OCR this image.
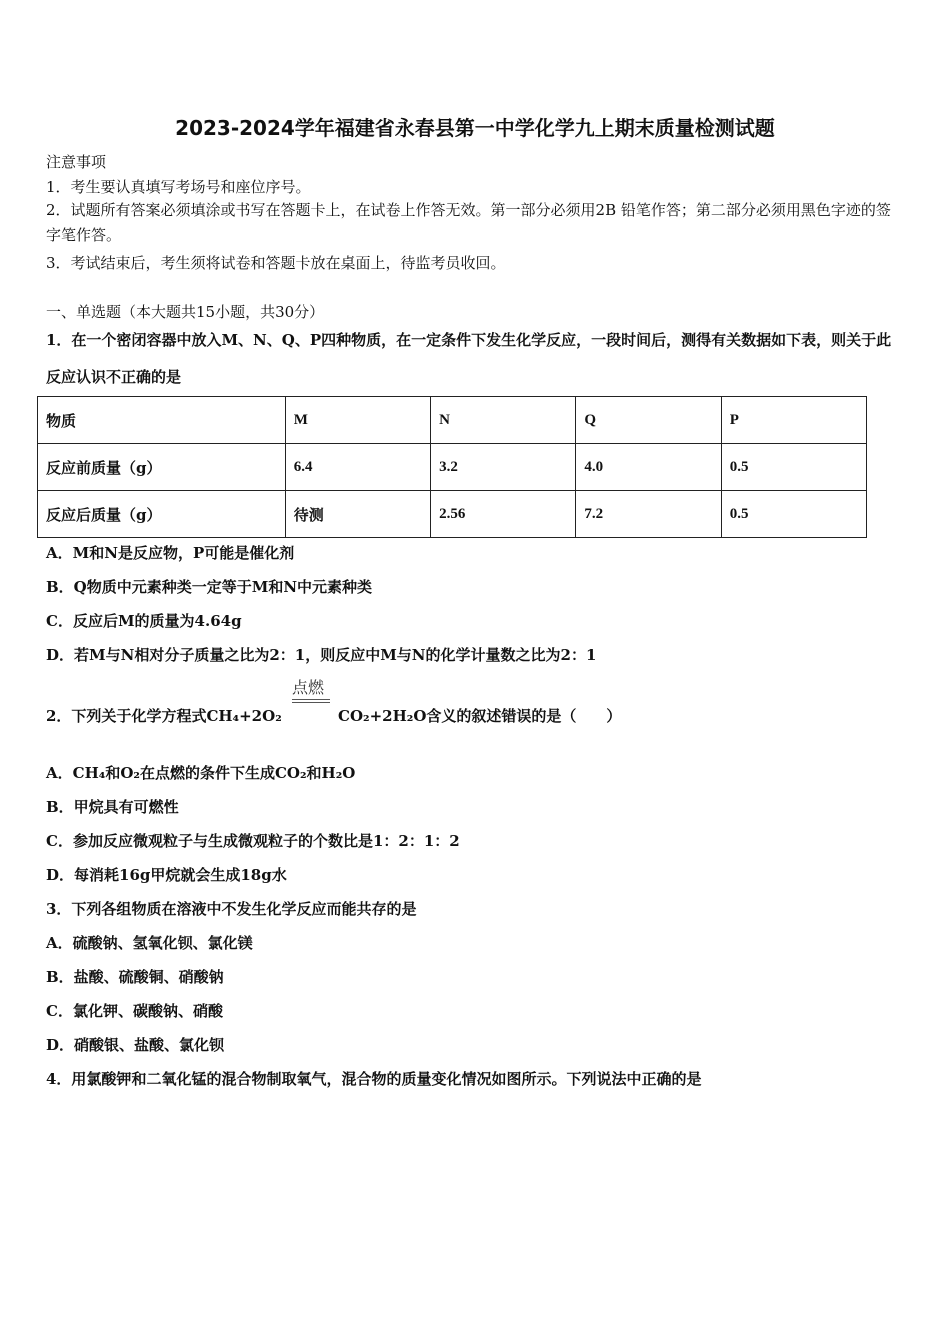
2023-2024学年福建省永春县第一中学化学九上期末质量检测试题
注意事项
1．考生要认真填写考场号和座位序号。
2．试题所有答案必须填涂或书写在答题卡上，在试卷上作答无效。第一部分必须用2B 铅笔作答；第二部分必须用黑色字迹的签字笔作答。
3．考试结束后，考生须将试卷和答题卡放在桌面上，待监考员收回。
一、单选题（本大题共15小题，共30分）
1．在一个密闭容器中放入M、N、Q、P四种物质，在一定条件下发生化学反应，一段时间后，测得有关数据如下表，则关于此反应认识不正确的是
物质	M	N	Q	P
反应前质量（g）	6.4	3.2	4.0	0.5
反应后质量（g）	待测	2.56	7.2	0.5
A．M和N是反应物，P可能是催化剂
B．Q物质中元素种类一定等于M和N中元素种类
C．反应后M的质量为4.64g
D．若M与N相对分子质量之比为2：1，则反应中M与N的化学计量数之比为2：1
2．下列关于化学方程式CH₄+2O₂
点燃
CO₂+2H₂O含义的叙述错误的是（　　）
A．CH₄和O₂在点燃的条件下生成CO₂和H₂O
B．甲烷具有可燃性
C．参加反应微观粒子与生成微观粒子的个数比是1：2：1：2
D．每消耗16g甲烷就会生成18g水
3．下列各组物质在溶液中不发生化学反应而能共存的是
A．硫酸钠、氢氧化钡、氯化镁
B．盐酸、硫酸铜、硝酸钠
C．氯化钾、碳酸钠、硝酸
D．硝酸银、盐酸、氯化钡
4．用氯酸钾和二氧化锰的混合物制取氧气，混合物的质量变化情况如图所示。下列说法中正确的是
